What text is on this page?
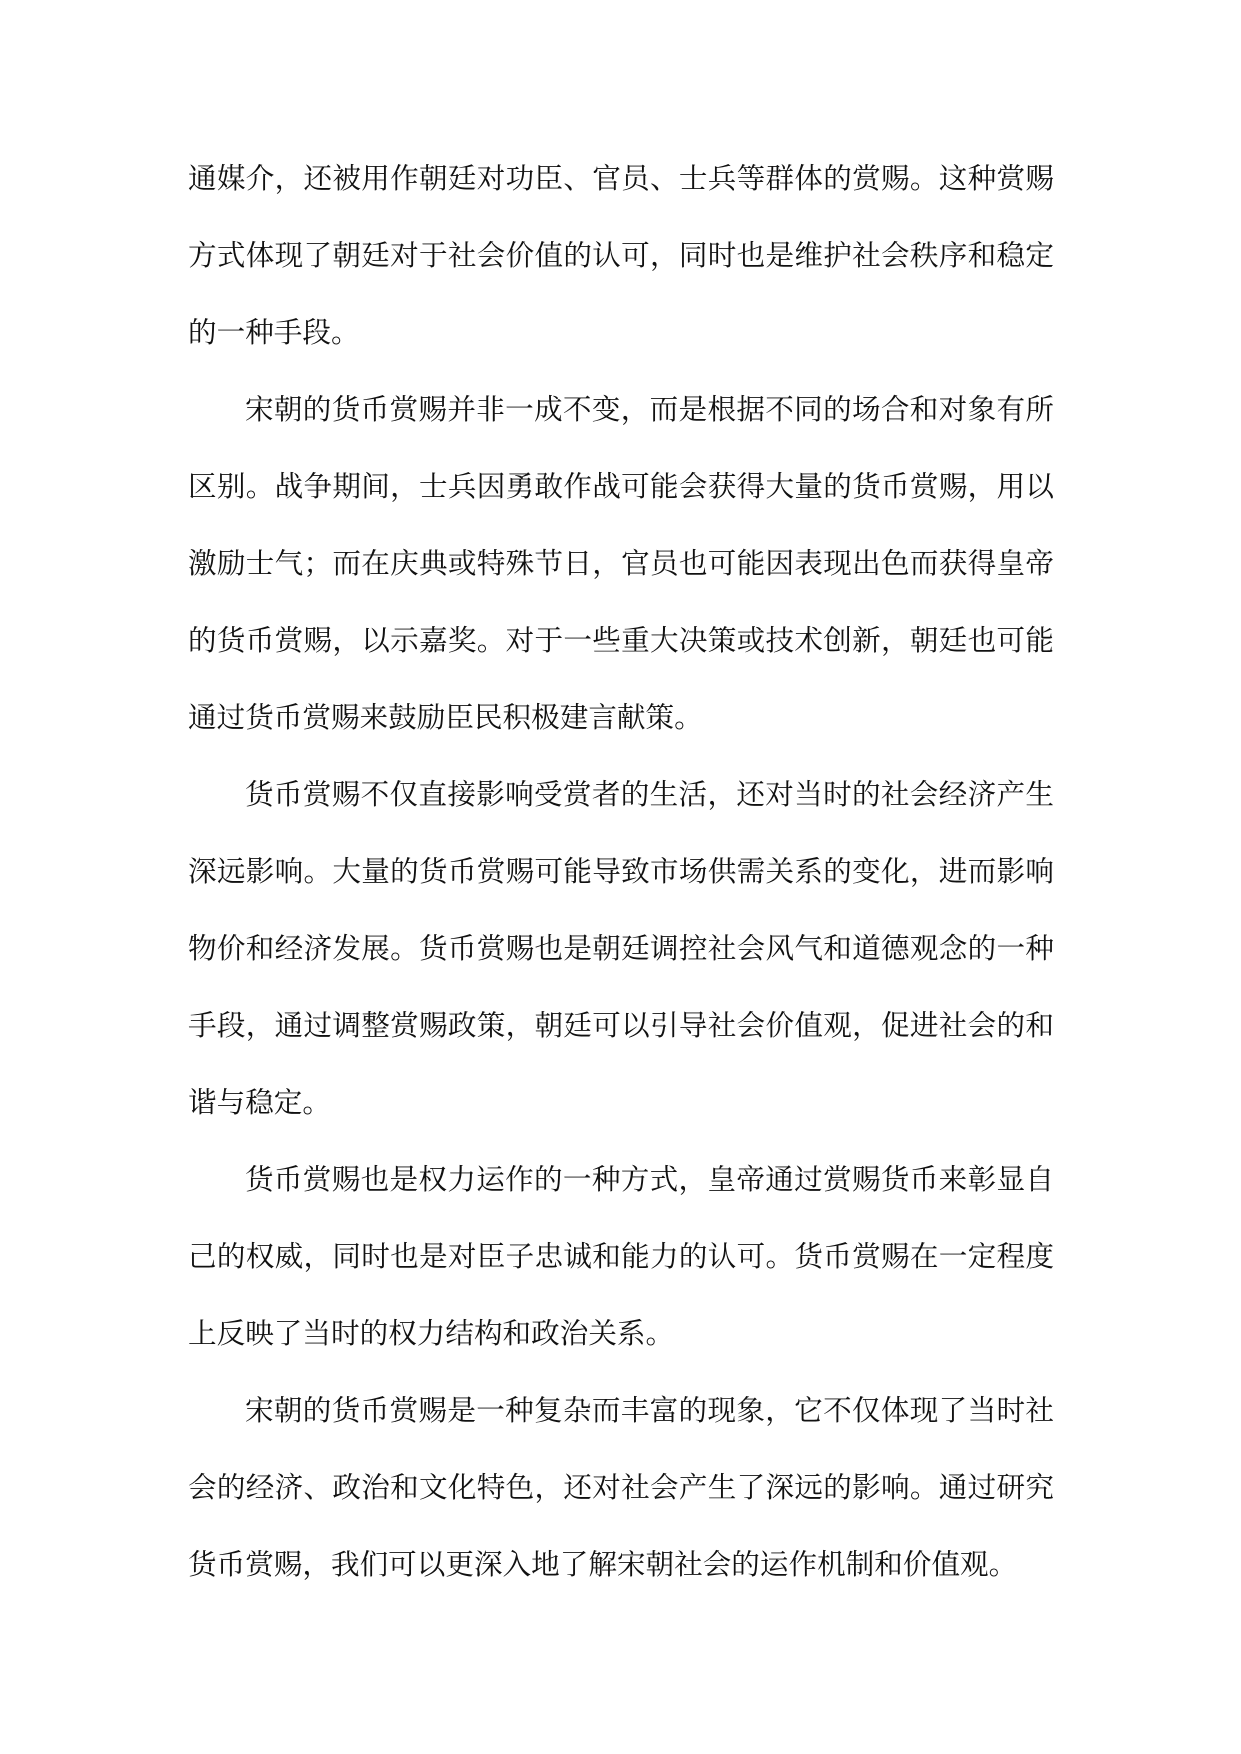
通媒介，还被用作朝廷对功臣、官员、士兵等群体的赏赐。这种赏赐方式体现了朝廷对于社会价值的认可，同时也是维护社会秩序和稳定的一种手段。

宋朝的货币赏赐并非一成不变，而是根据不同的场合和对象有所区别。战争期间，士兵因勇敢作战可能会获得大量的货币赏赐，用以激励士气；而在庆典或特殊节日，官员也可能因表现出色而获得皇帝的货币赏赐，以示嘉奖。对于一些重大决策或技术创新，朝廷也可能通过货币赏赐来鼓励臣民积极建言献策。

货币赏赐不仅直接影响受赏者的生活，还对当时的社会经济产生深远影响。大量的货币赏赐可能导致市场供需关系的变化，进而影响物价和经济发展。货币赏赐也是朝廷调控社会风气和道德观念的一种手段，通过调整赏赐政策，朝廷可以引导社会价值观，促进社会的和谐与稳定。

货币赏赐也是权力运作的一种方式，皇帝通过赏赐货币来彰显自己的权威，同时也是对臣子忠诚和能力的认可。货币赏赐在一定程度上反映了当时的权力结构和政治关系。

宋朝的货币赏赐是一种复杂而丰富的现象，它不仅体现了当时社会的经济、政治和文化特色，还对社会产生了深远的影响。通过研究货币赏赐，我们可以更深入地了解宋朝社会的运作机制和价值观。
